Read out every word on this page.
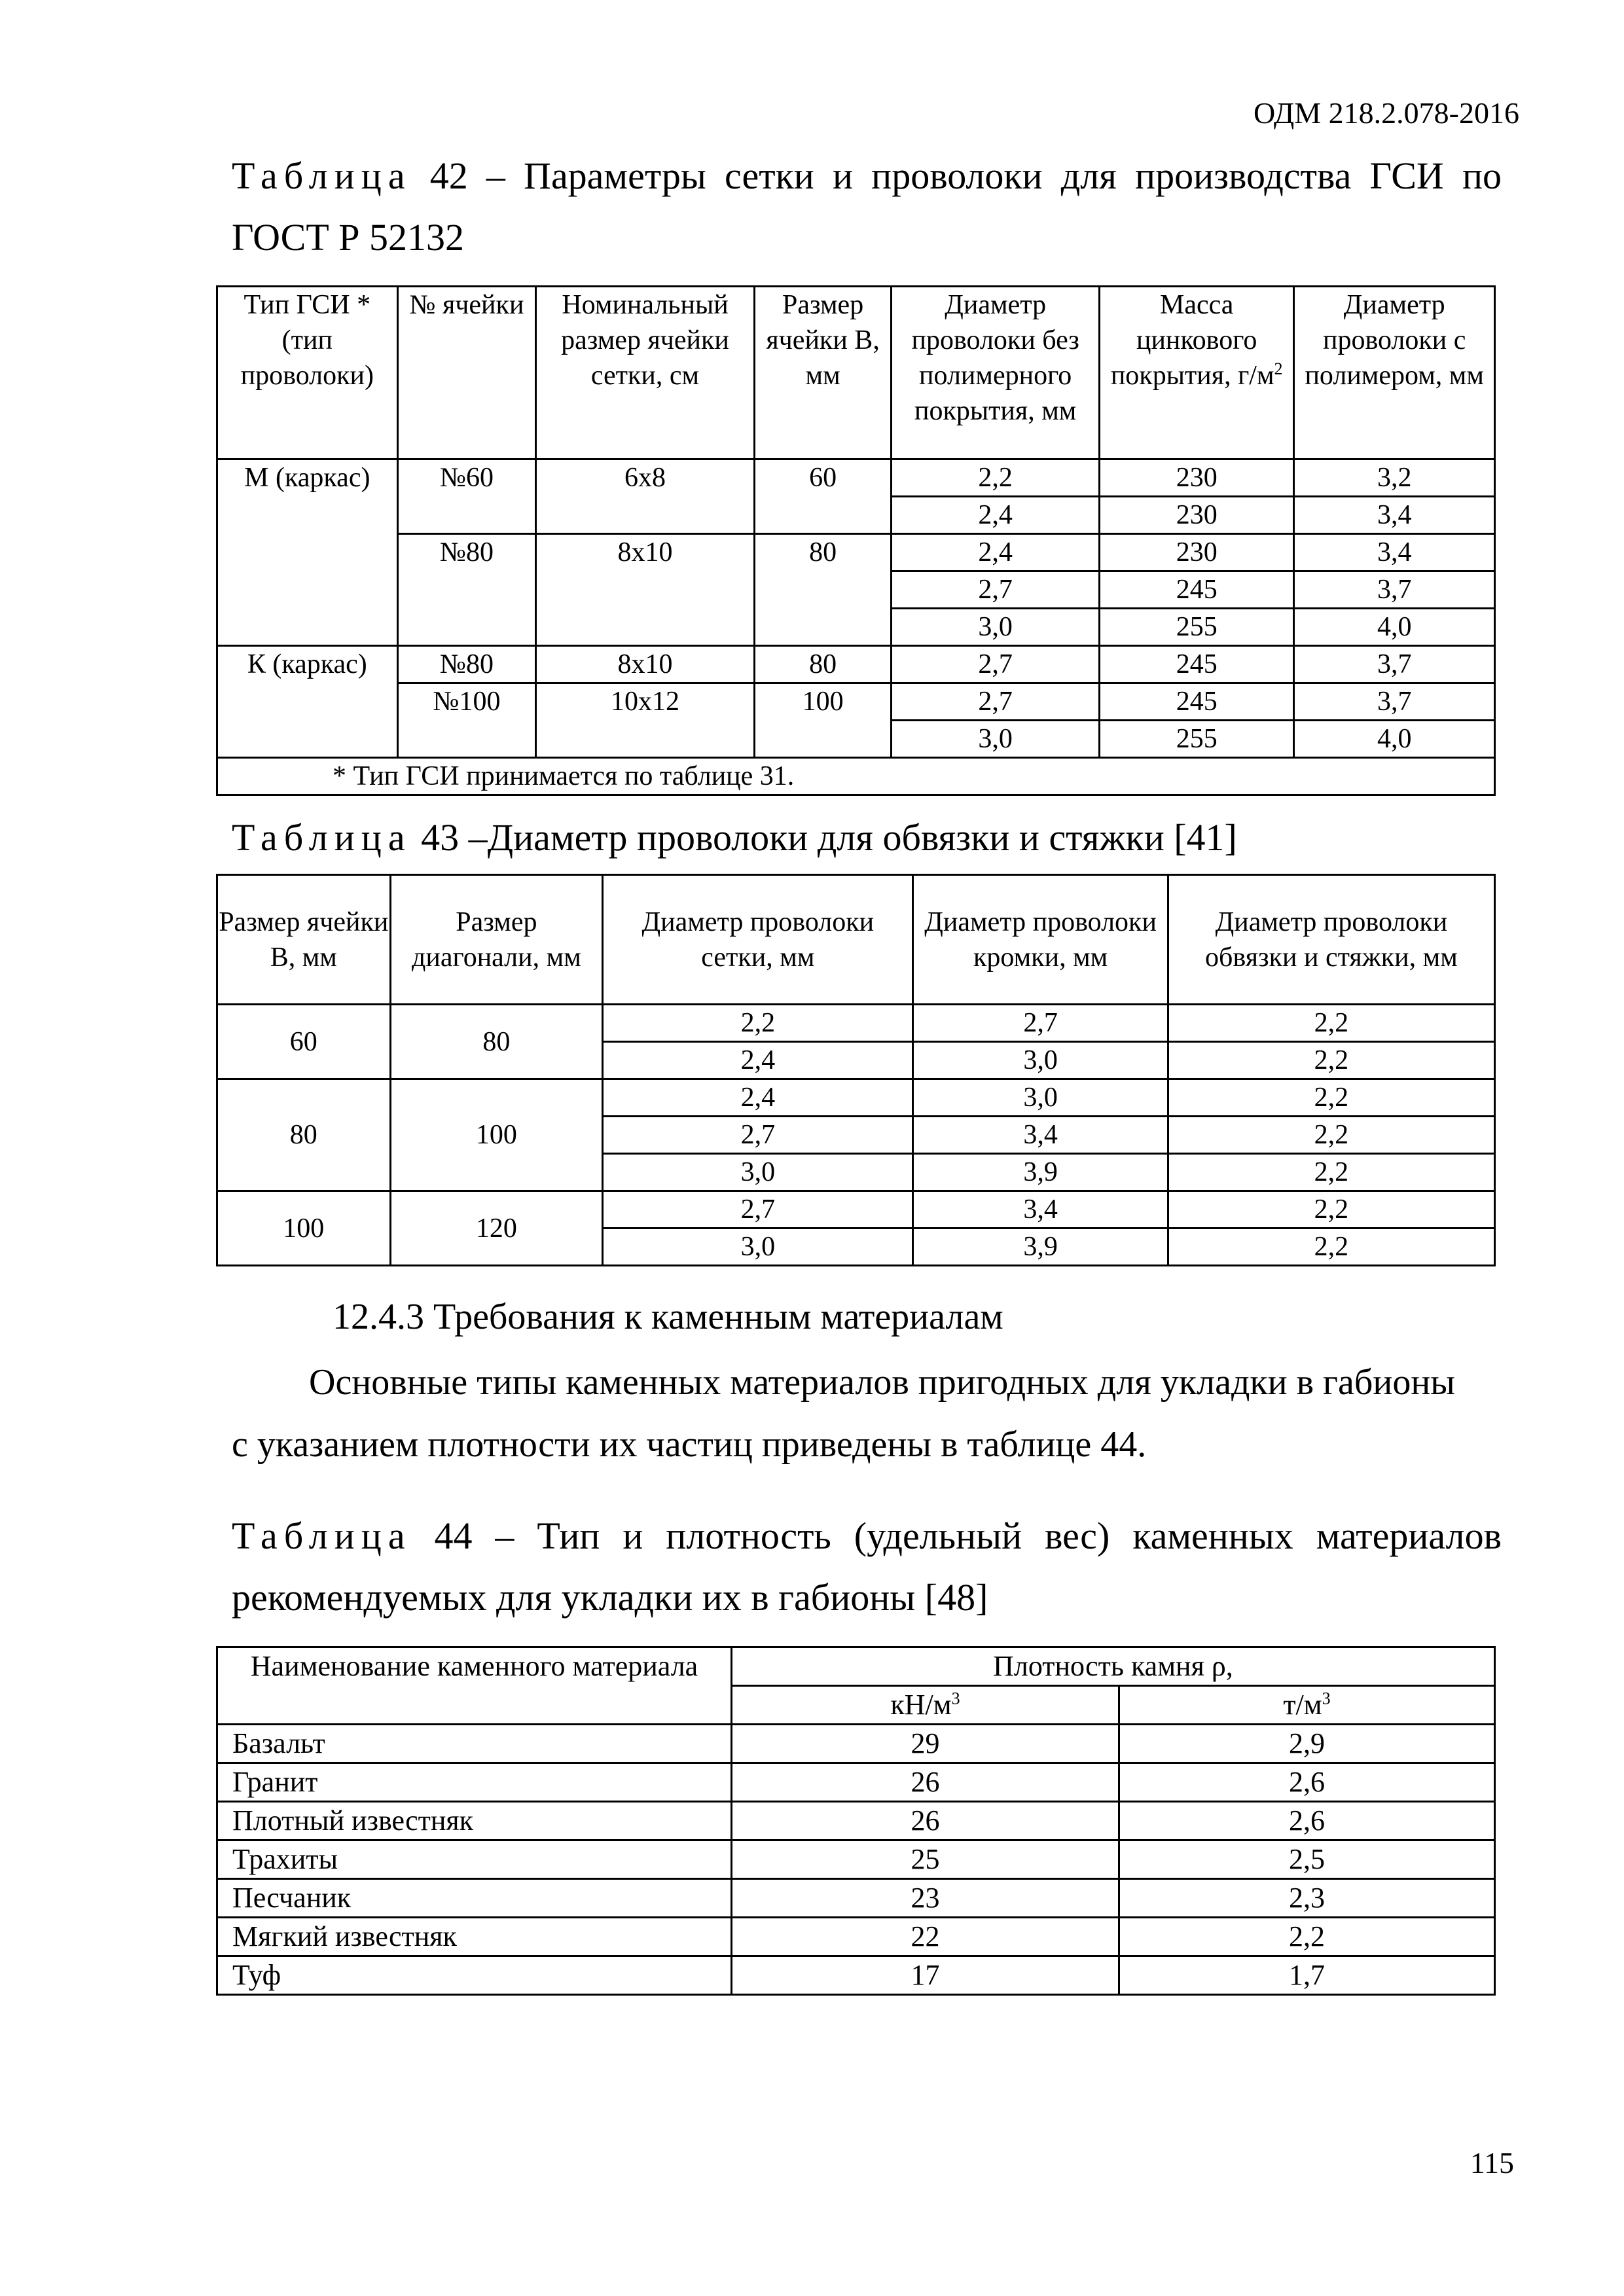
ОДМ 218.2.078-2016
Таблица 42 – Параметры сетки и проволоки для производства ГСИ по ГОСТ Р 52132
Тип ГСИ * (тип проволоки)	№ ячейки	Номинальный размер ячейки сетки, см	Размер ячейки B, мм	Диаметр проволоки без полимерного покрытия, мм	Масса цинкового покрытия, $г/м^2$	Диаметр проволоки с полимером, мм
М (каркас)	№60	6х8	60	2,2	230	3,2
				2,4	230	3,4
	№80	8х10	80	2,4	230	3,4
				2,7	245	3,7
				3,0	255	4,0
К (каркас)	№80	8х10	80	2,7	245	3,7
	№100	10х12	100	2,7	245	3,7
				3,0	255	4,0
* Тип ГСИ принимается по таблице 31.						
Таблица 43 –Диаметр проволоки для обвязки и стяжки [41]
Размер ячейки В, мм	Размер диагонали, мм	Диаметр проволоки сетки, мм	Диаметр проволоки кромки, мм	Диаметр проволоки обвязки и стяжки, мм
60	80	2,2	2,7	2,2
		2,4	3,0	2,2
80	100	2,4	3,0	2,2
		2,7	3,4	2,2
		3,0	3,9	2,2
100	120	2,7	3,4	2,2
		3,0	3,9	2,2
12.4.3 Требования к каменным материалам
Основные типы каменных материалов пригодных для укладки в габионы
с указанием плотности их частиц приведены в таблице 44.
Таблица 44 – Тип и плотность (удельный вес) каменных материалов рекомендуемых для укладки их в габионы [48]
Наименование каменного материала	Плотность камня ρ,	
	$кН/м^3$	$т/м^3$
Базальт	29	2,9
Гранит	26	2,6
Плотный известняк	26	2,6
Трахиты	25	2,5
Песчаник	23	2,3
Мягкий известняк	22	2,2
Туф	17	1,7
115
